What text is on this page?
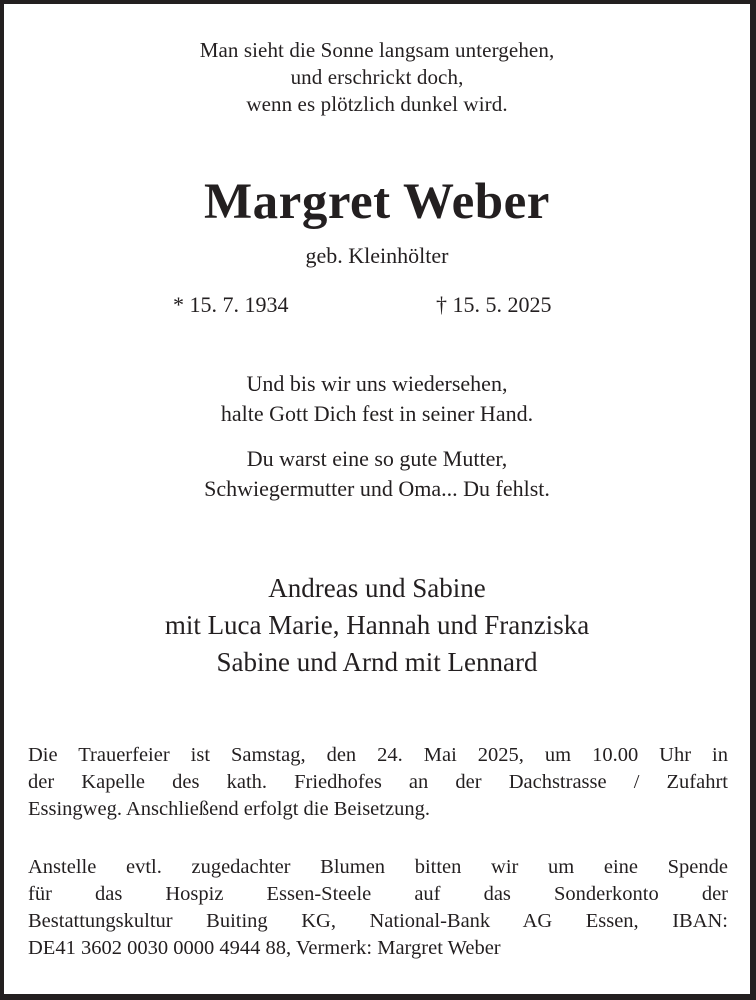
Man sieht die Sonne langsam untergehen,
und erschrickt doch,
wenn es plötzlich dunkel wird.
Margret Weber
geb. Kleinhölter
* 15. 7. 1934	† 15. 5. 2025
Und bis wir uns wiedersehen,
halte Gott Dich fest in seiner Hand.
Du warst eine so gute Mutter,
Schwiegermutter und Oma... Du fehlst.
Andreas und Sabine
mit Luca Marie, Hannah und Franziska
Sabine und Arnd mit Lennard
Die Trauerfeier ist Samstag, den 24. Mai 2025, um 10.00 Uhr in
der Kapelle des kath. Friedhofes an der Dachstrasse / Zufahrt
Essingweg. Anschließend erfolgt die Beisetzung.
Anstelle evtl. zugedachter Blumen bitten wir um eine Spende
für das Hospiz Essen-Steele auf das Sonderkonto der
Bestattungskultur Buiting KG, National-Bank AG Essen, IBAN:
DE41 3602 0030 0000 4944 88, Vermerk: Margret Weber
